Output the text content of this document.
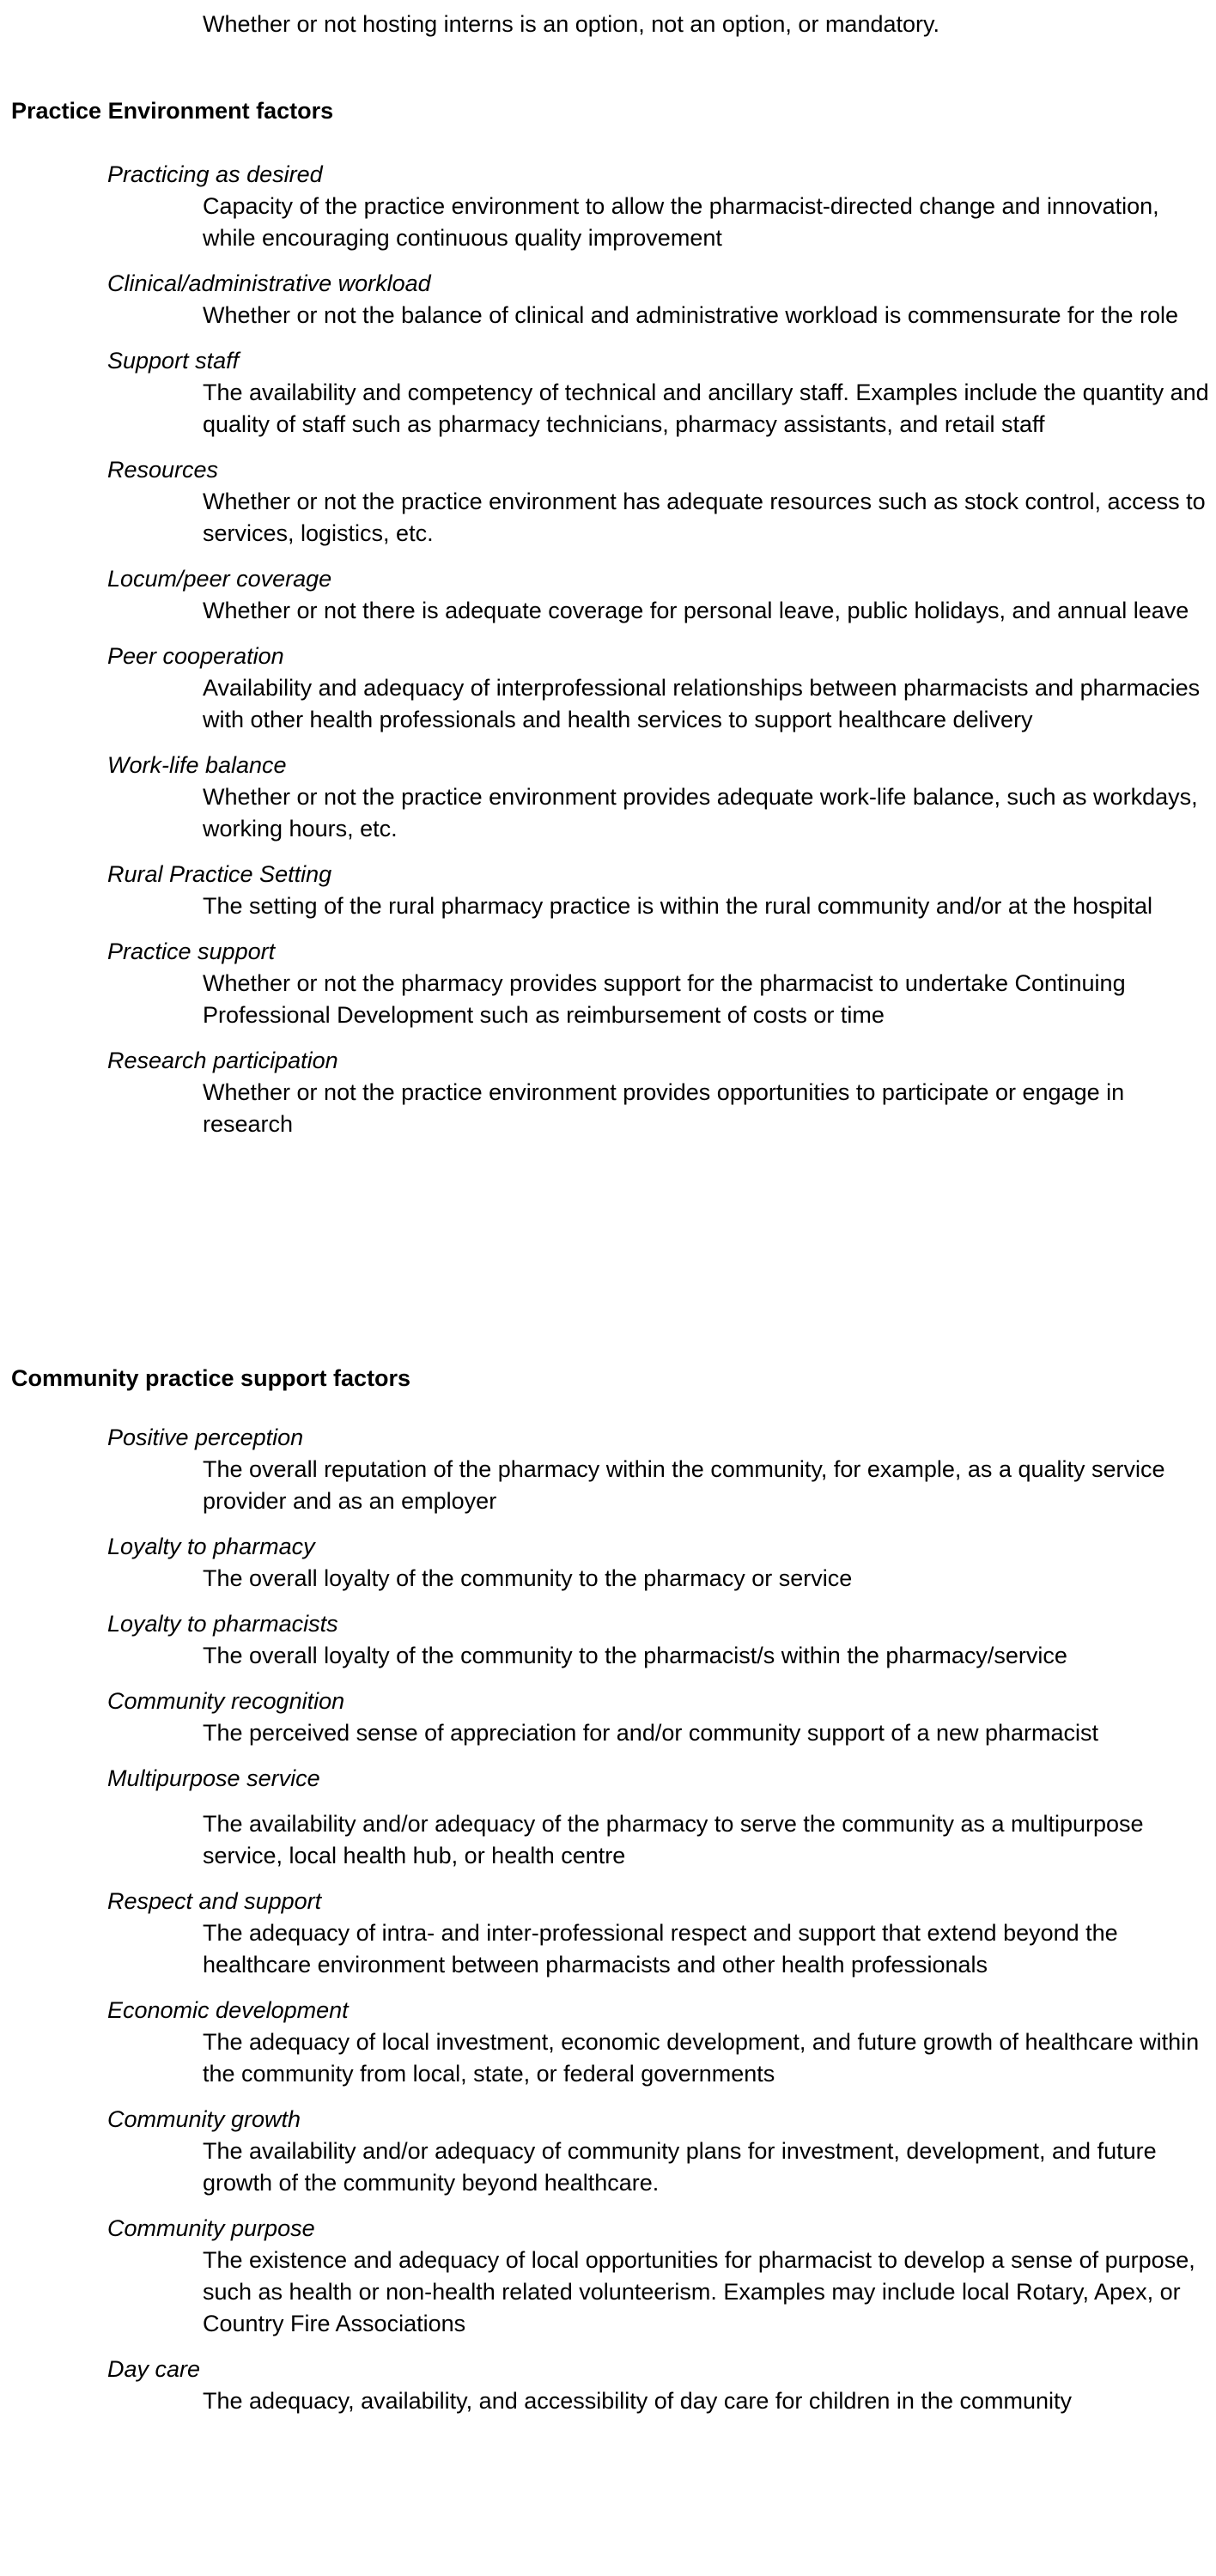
Whether or not hosting interns is an option, not an option, or mandatory.
Practice Environment factors
Practicing as desired
Capacity of the practice environment to allow the pharmacist-directed change and innovation, while encouraging continuous quality improvement
Clinical/administrative workload
Whether or not the balance of clinical and administrative workload is commensurate for the role
Support staff
The availability and competency of technical and ancillary staff. Examples include the quantity and quality of staff such as pharmacy technicians, pharmacy assistants, and retail staff
Resources
Whether or not the practice environment has adequate resources such as stock control, access to services, logistics, etc.
Locum/peer coverage
Whether or not there is adequate coverage for personal leave, public holidays, and annual leave
Peer cooperation
Availability and adequacy of interprofessional relationships between pharmacists and pharmacies with other health professionals and health services to support healthcare delivery
Work-life balance
Whether or not the practice environment provides adequate work-life balance, such as workdays, working hours, etc.
Rural Practice Setting
The setting of the rural pharmacy practice is within the rural community and/or at the hospital
Practice support
Whether or not the pharmacy provides support for the pharmacist to undertake Continuing Professional Development such as reimbursement of costs or time
Research participation
Whether or not the practice environment provides opportunities to participate or engage in research
Community practice support factors
Positive perception
The overall reputation of the pharmacy within the community, for example, as a quality service provider and as an employer
Loyalty to pharmacy
The overall loyalty of the community to the pharmacy or service
Loyalty to pharmacists
The overall loyalty of the community to the pharmacist/s within the pharmacy/service
Community recognition
The perceived sense of appreciation for and/or community support of a new pharmacist
Multipurpose service
The availability and/or adequacy of the pharmacy to serve the community as a multipurpose service, local health hub, or health centre
Respect and support
The adequacy of intra- and inter-professional respect and support that extend beyond the healthcare environment between pharmacists and other health professionals
Economic development
The adequacy of local investment, economic development, and future growth of healthcare within the community from local, state, or federal governments
Community growth
The availability and/or adequacy of community plans for investment, development, and future growth of the community beyond healthcare.
Community purpose
The existence and adequacy of local opportunities for pharmacist to develop a sense of purpose, such as health or non-health related volunteerism. Examples may include local Rotary, Apex, or Country Fire Associations
Day care
The adequacy, availability, and accessibility of day care for children in the community
